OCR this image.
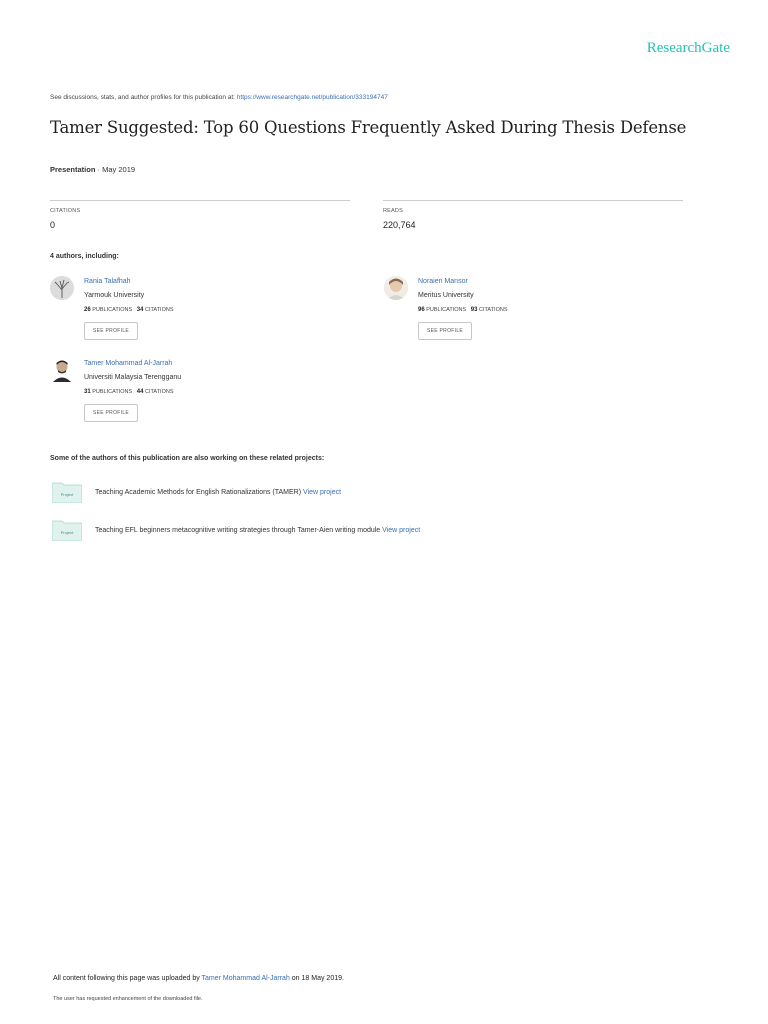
ResearchGate
See discussions, stats, and author profiles for this publication at: https://www.researchgate.net/publication/333194747
Tamer Suggested: Top 60 Questions Frequently Asked During Thesis Defense
Presentation · May 2019
CITATIONS
0
READS
220,764
4 authors, including:
Rania Talafhah
Yarmouk University
26 PUBLICATIONS 34 CITATIONS
SEE PROFILE
Noraien Mansor
Meritus University
96 PUBLICATIONS 93 CITATIONS
SEE PROFILE
Tamer Mohammad Al-Jarrah
Universiti Malaysia Terengganu
31 PUBLICATIONS 44 CITATIONS
SEE PROFILE
Some of the authors of this publication are also working on these related projects:
Project	Teaching Academic Methods for English Rationalizations (TAMER) View project
Project	Teaching EFL beginners metacognitive writing strategies through Tamer-Aien writing module View project
All content following this page was uploaded by Tamer Mohammad Al-Jarrah on 18 May 2019.
The user has requested enhancement of the downloaded file.
